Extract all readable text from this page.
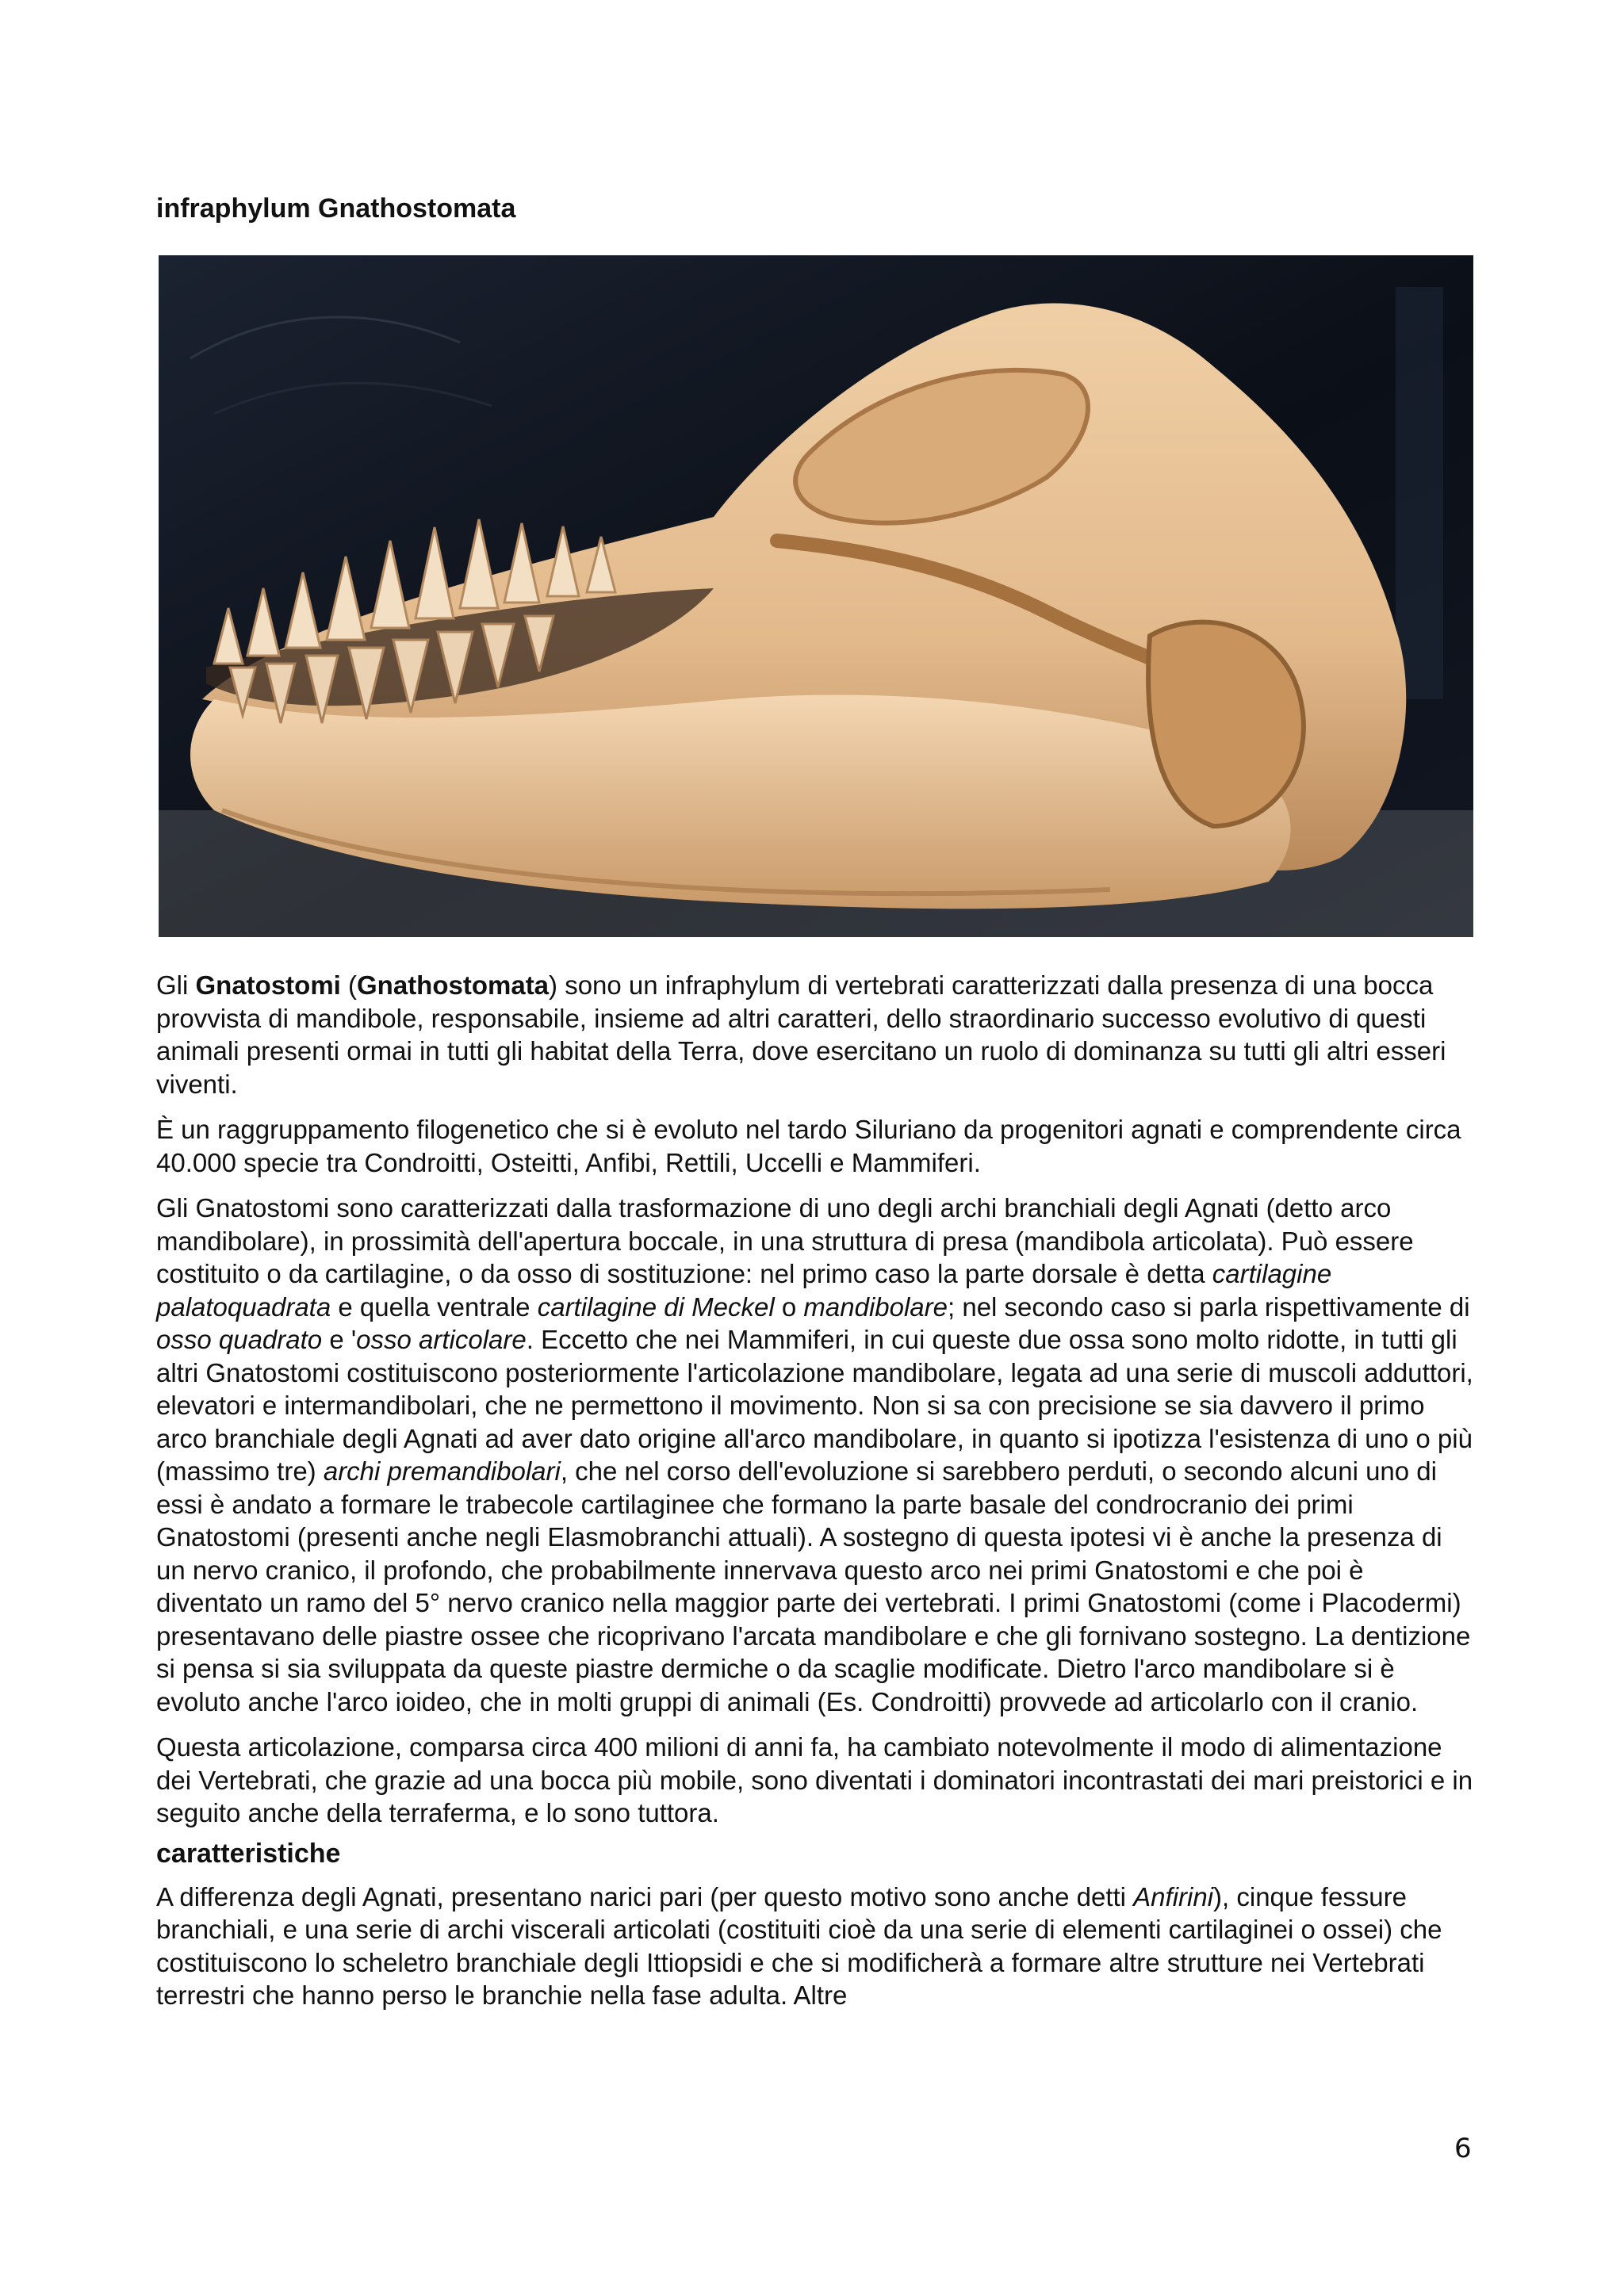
infraphylum Gnathostomata

Gli Gnatostomi (Gnathostomata) sono un infraphylum di vertebrati caratterizzati dalla presenza di una bocca provvista di mandibole, responsabile, insieme ad altri caratteri, dello straordinario successo evolutivo di questi animali presenti ormai in tutti gli habitat della Terra, dove esercitano un ruolo di dominanza su tutti gli altri esseri viventi.

È un raggruppamento filogenetico che si è evoluto nel tardo Siluriano da progenitori agnati e comprendente circa 40.000 specie tra Condroitti, Osteitti, Anfibi, Rettili, Uccelli e Mammiferi.

Gli Gnatostomi sono caratterizzati dalla trasformazione di uno degli archi branchiali degli Agnati (detto arco mandibolare), in prossimità dell'apertura boccale, in una struttura di presa (mandibola articolata). Può essere costituito o da cartilagine, o da osso di sostituzione: nel primo caso la parte dorsale è detta cartilagine palatoquadrata e quella ventrale cartilagine di Meckel o mandibolare; nel secondo caso si parla rispettivamente di osso quadrato e 'osso articolare. Eccetto che nei Mammiferi, in cui queste due ossa sono molto ridotte, in tutti gli altri Gnatostomi costituiscono posteriormente l'articolazione mandibolare, legata ad una serie di muscoli adduttori, elevatori e intermandibolari, che ne permettono il movimento. Non si sa con precisione se sia davvero il primo arco branchiale degli Agnati ad aver dato origine all'arco mandibolare, in quanto si ipotizza l'esistenza di uno o più (massimo tre) archi premandibolari, che nel corso dell'evoluzione si sarebbero perduti, o secondo alcuni uno di essi è andato a formare le trabecole cartilaginee che formano la parte basale del condrocranio dei primi Gnatostomi (presenti anche negli Elasmobranchi attuali). A sostegno di questa ipotesi vi è anche la presenza di un nervo cranico, il profondo, che probabilmente innervava questo arco nei primi Gnatostomi e che poi è diventato un ramo del 5° nervo cranico nella maggior parte dei vertebrati. I primi Gnatostomi (come i Placodermi) presentavano delle piastre ossee che ricoprivano l'arcata mandibolare e che gli fornivano sostegno. La dentizione si pensa si sia sviluppata da queste piastre dermiche o da scaglie modificate. Dietro l'arco mandibolare si è evoluto anche l'arco ioideo, che in molti gruppi di animali (Es. Condroitti) provvede ad articolarlo con il cranio.

Questa articolazione, comparsa circa 400 milioni di anni fa, ha cambiato notevolmente il modo di alimentazione dei Vertebrati, che grazie ad una bocca più mobile, sono diventati i dominatori incontrastati dei mari preistorici e in seguito anche della terraferma, e lo sono tuttora.

caratteristiche

A differenza degli Agnati, presentano narici pari (per questo motivo sono anche detti Anfirini), cinque fessure branchiali, e una serie di archi viscerali articolati (costituiti cioè da una serie di elementi cartilaginei o ossei) che costituiscono lo scheletro branchiale degli Ittiopsidi e che si modificherà a formare altre strutture nei Vertebrati terrestri che hanno perso le branchie nella fase adulta. Altre

6
